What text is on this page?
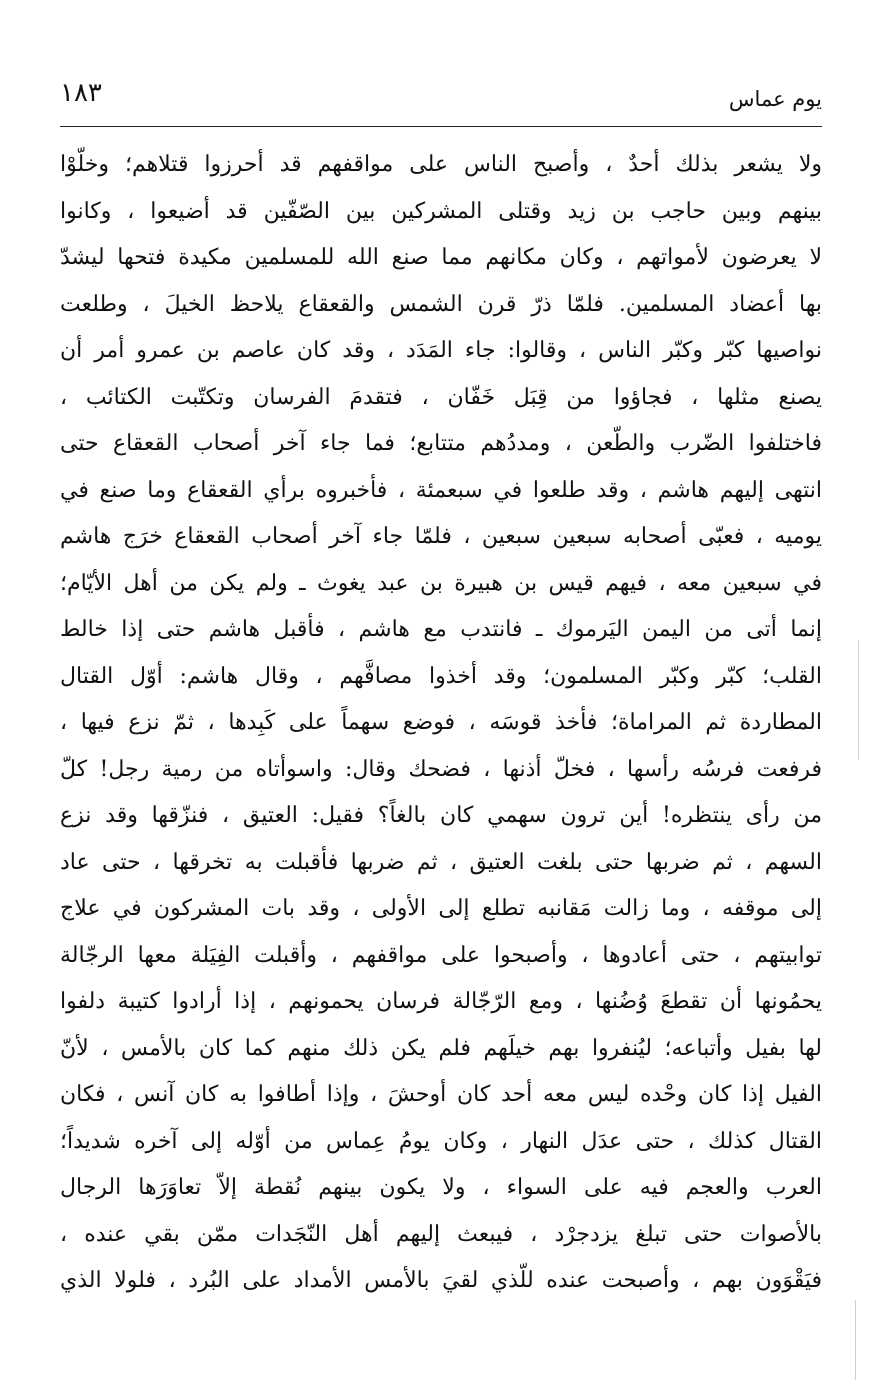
١٨٣	يوم عماس
ولا يشعر بذلك أحدٌ ، وأصبح الناس على مواقفهم قد أحرزوا قتلاهم؛ وخلّوْا
بينهم وبين حاجب بن زيد وقتلى المشركين بين الصّفّين قد أضيعوا ، وكانوا
لا يعرضون لأمواتهم ، وكان مكانهم مما صنع الله للمسلمين مكيدة فتحها ليشدّ
بها أعضاد المسلمين. فلمّا ذرّ قرن الشمس والقعقاع يلاحظ الخيلَ ، وطلعت
نواصيها كبّر وكبّر الناس ، وقالوا: جاء المَدَد ، وقد كان عاصم بن عمرو أمر أن
يصنع مثلها ، فجاؤوا من قِبَل خَفّان ، فتقدمَ الفرسان وتكتّبت الكتائب ،
فاختلفوا الضّرب والطّعن ، ومددُهم متتابع؛ فما جاء آخر أصحاب القعقاع حتى
انتهى إليهم هاشم ، وقد طلعوا في سبعمئة ، فأخبروه برأي القعقاع وما صنع في
يوميه ، فعبّى أصحابه سبعين سبعين ، فلمّا جاء آخر أصحاب القعقاع خرَج هاشم
في سبعين معه ، فيهم قيس بن هبيرة بن عبد يغوث ـ ولم يكن من أهل الأيّام؛
إنما أتى من اليمن اليَرموك ـ فانتدب مع هاشم ، فأقبل هاشم حتى إذا خالط
القلب؛ كبّر وكبّر المسلمون؛ وقد أخذوا مصافَّهم ، وقال هاشم: أوّل القتال
المطاردة ثم المراماة؛ فأخذ قوسَه ، فوضع سهماً على كَبِدها ، ثمّ نزع فيها ،
فرفعت فرسُه رأسها ، فخلّ أذنها ، فضحك وقال: واسوأتاه من رمية رجل! كلّ
من رأى ينتظره! أين ترون سهمي كان بالغاً؟ فقيل: العتيق ، فنزّقها وقد نزع
السهم ، ثم ضربها حتى بلغت العتيق ، ثم ضربها فأقبلت به تخرقها ، حتى عاد
إلى موقفه ، وما زالت مَقانبه تطلع إلى الأولى ، وقد بات المشركون في علاج
توابيتهم ، حتى أعادوها ، وأصبحوا على مواقفهم ، وأقبلت الفِيَلة معها الرجّالة
يحمُونها أن تقطعَ وُضُنها ، ومع الرّجّالة فرسان يحمونهم ، إذا أرادوا كتيبة دلفوا
لها بفيل وأتباعه؛ ليُنفروا بهم خيلَهم فلم يكن ذلك منهم كما كان بالأمس ، لأنّ
الفيل إذا كان وحْده ليس معه أحد كان أوحشَ ، وإذا أطافوا به كان آنس ، فكان
القتال كذلك ، حتى عدَل النهار ، وكان يومُ عِماس من أوّله إلى آخره شديداً؛
العرب والعجم فيه على السواء ، ولا يكون بينهم نُقطة إلاّ تعاوَرَها الرجال
بالأصوات حتى تبلغ يزدجرْد ، فيبعث إليهم أهل النّجَدات ممّن بقي عنده ،
فيَقْوَون بهم ، وأصبحت عنده للّذي لقيَ بالأمس الأمداد على البُرد ، فلولا الذي
